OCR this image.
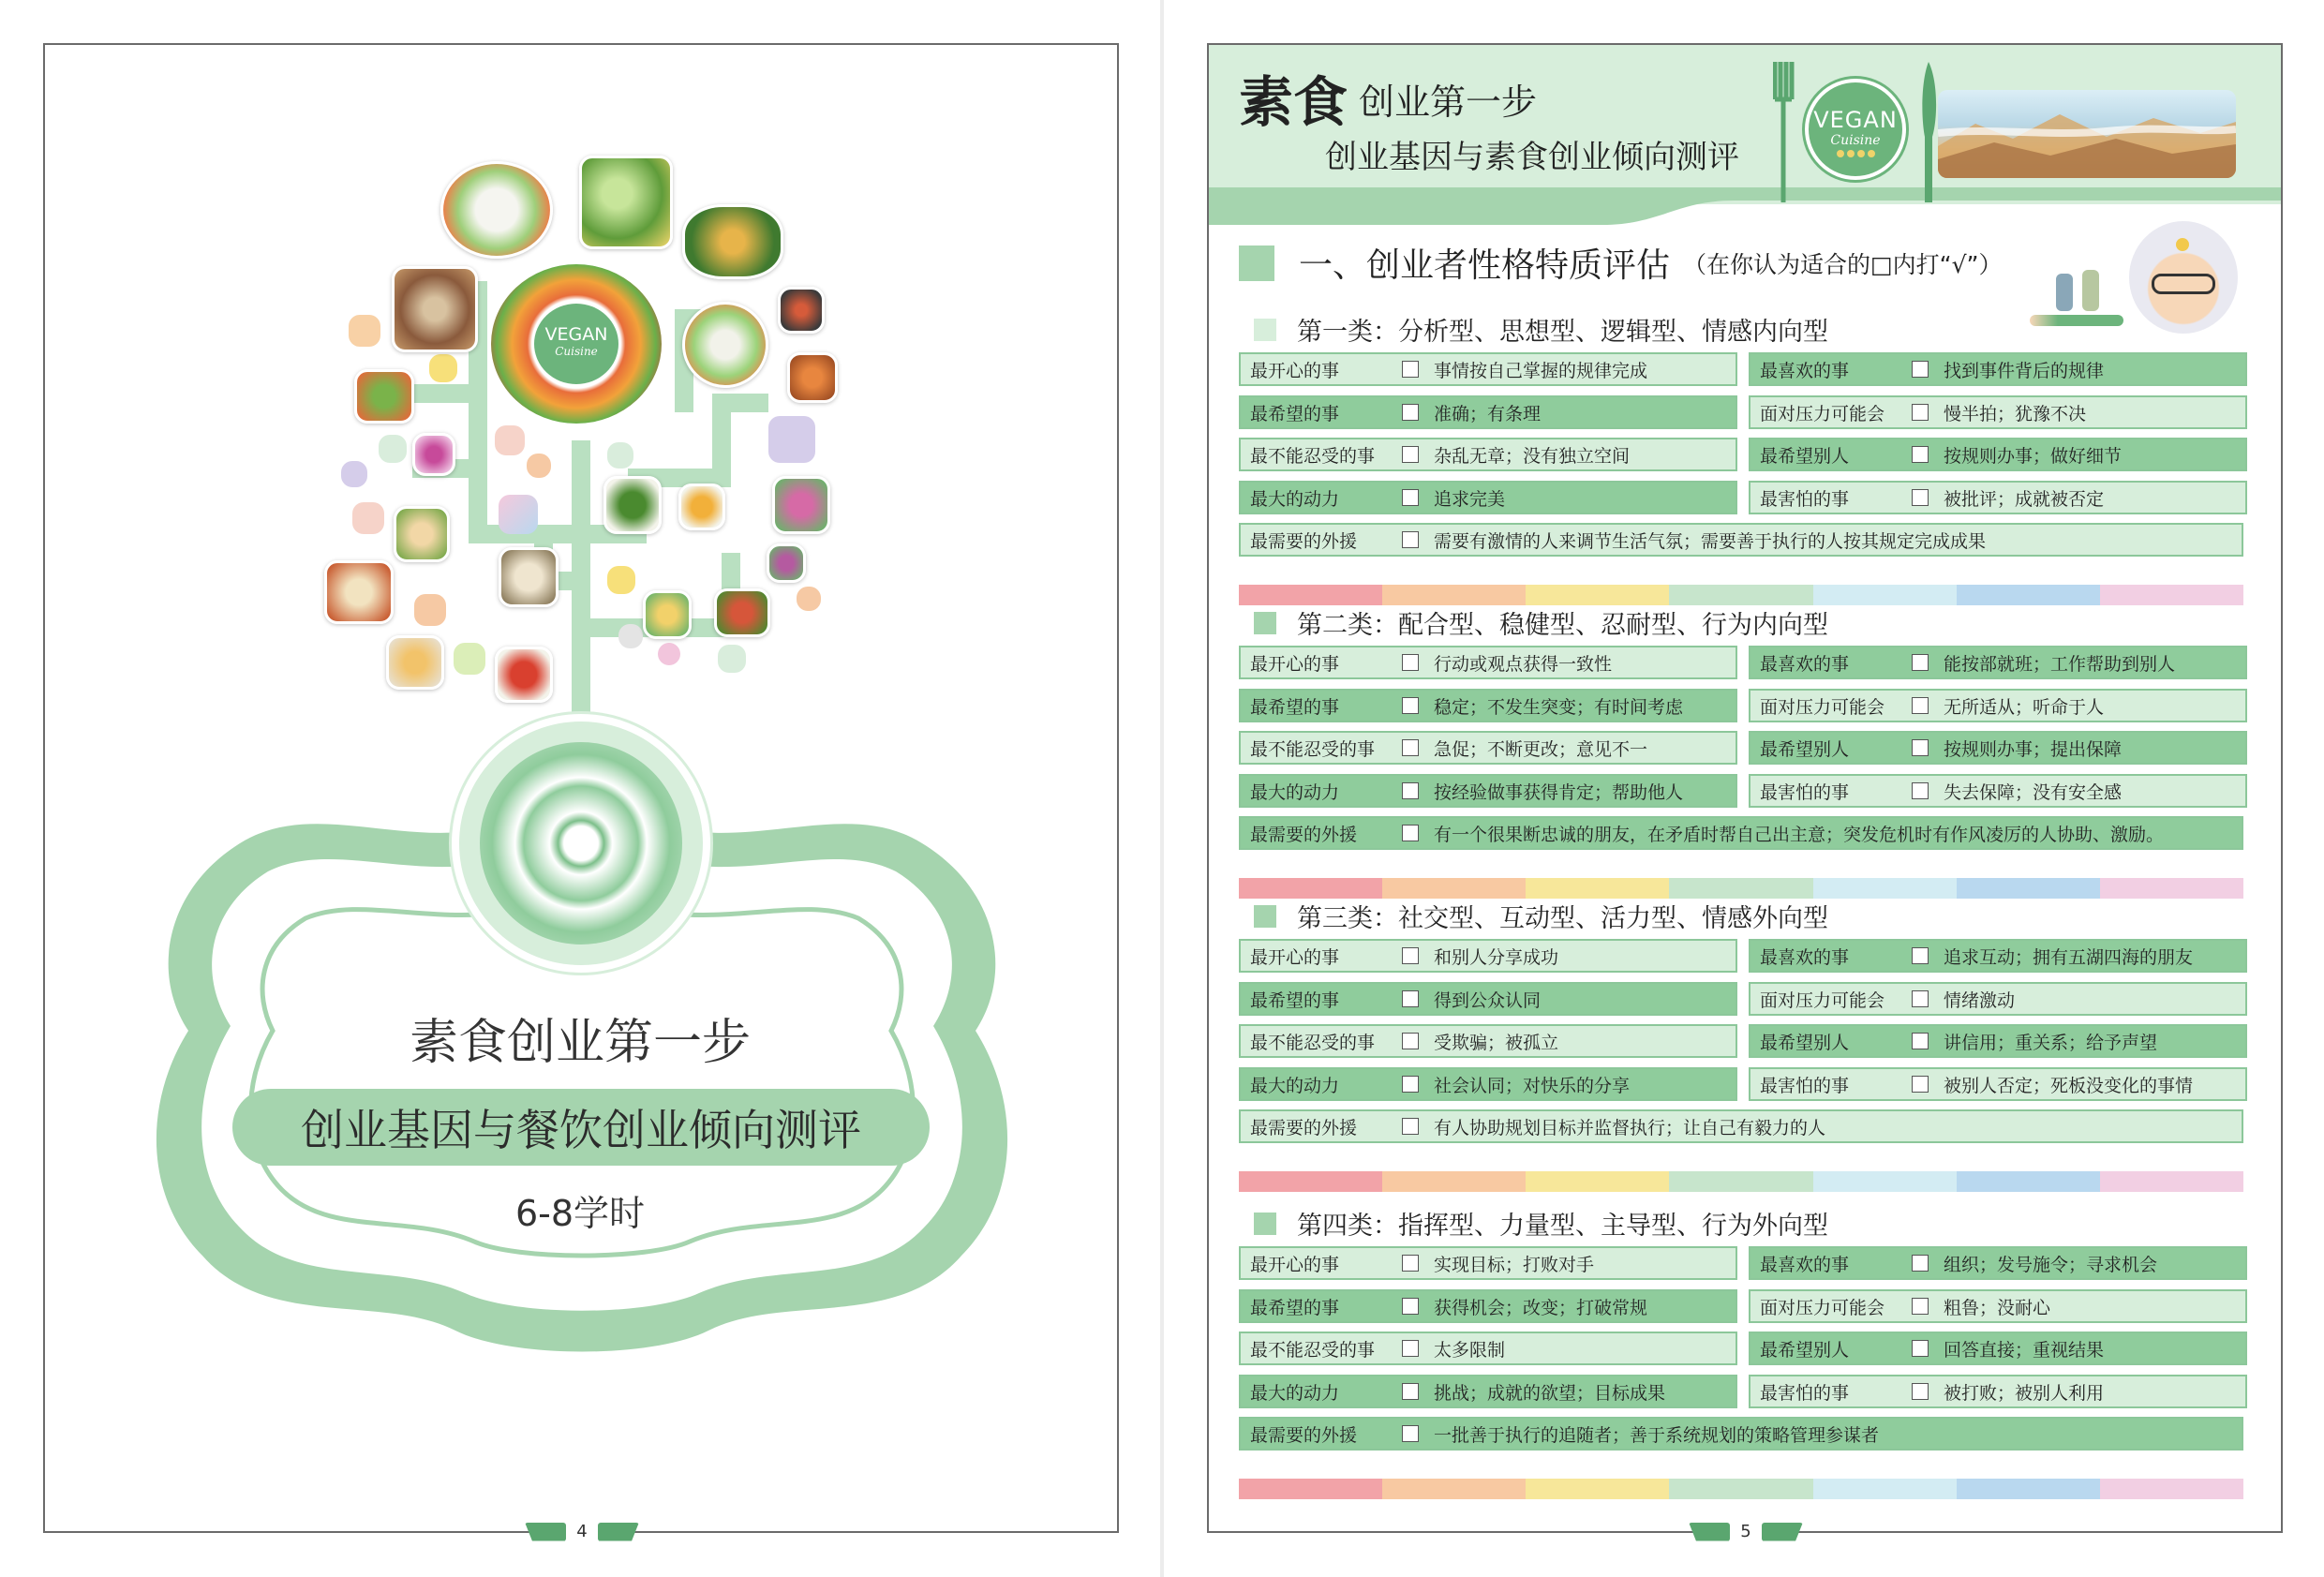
VEGAN
Cuisine
素食创业第一步
创业基因与餐饮创业倾向测评
6-8学时
4
素食 创业第一步
创业基因与素食创业倾向测评
VEGAN
Cuisine
一、创业者性格特质评估 （在你认为适合的□内打“√”）
第一类：分析型、思想型、逻辑型、情感内向型
最开心的事	事情按自己掌握的规律完成	最喜欢的事	找到事件背后的规律
最希望的事	准确；有条理	面对压力可能会	慢半拍；犹豫不决
最不能忍受的事	杂乱无章；没有独立空间	最希望别人	按规则办事；做好细节
最大的动力	追求完美	最害怕的事	被批评；成就被否定
最需要的外援	需要有激情的人来调节生活气氛；需要善于执行的人按其规定完成成果
第二类：配合型、稳健型、忍耐型、行为内向型
最开心的事	行动或观点获得一致性	最喜欢的事	能按部就班；工作帮助到别人
最希望的事	稳定；不发生突变；有时间考虑	面对压力可能会	无所适从；听命于人
最不能忍受的事	急促；不断更改；意见不一	最希望别人	按规则办事；提出保障
最大的动力	按经验做事获得肯定；帮助他人	最害怕的事	失去保障；没有安全感
最需要的外援	有一个很果断忠诚的朋友，在矛盾时帮自己出主意；突发危机时有作风凌厉的人协助、激励。
第三类：社交型、互动型、活力型、情感外向型
最开心的事	和别人分享成功	最喜欢的事	追求互动；拥有五湖四海的朋友
最希望的事	得到公众认同	面对压力可能会	情绪激动
最不能忍受的事	受欺骗；被孤立	最希望别人	讲信用；重关系；给予声望
最大的动力	社会认同；对快乐的分享	最害怕的事	被别人否定；死板没变化的事情
最需要的外援	有人协助规划目标并监督执行；让自己有毅力的人
第四类：指挥型、力量型、主导型、行为外向型
最开心的事	实现目标；打败对手	最喜欢的事	组织；发号施令；寻求机会
最希望的事	获得机会；改变；打破常规	面对压力可能会	粗鲁；没耐心
最不能忍受的事	太多限制	最希望别人	回答直接；重视结果
最大的动力	挑战；成就的欲望；目标成果	最害怕的事	被打败；被别人利用
最需要的外援	一批善于执行的追随者；善于系统规划的策略管理参谋者
5
